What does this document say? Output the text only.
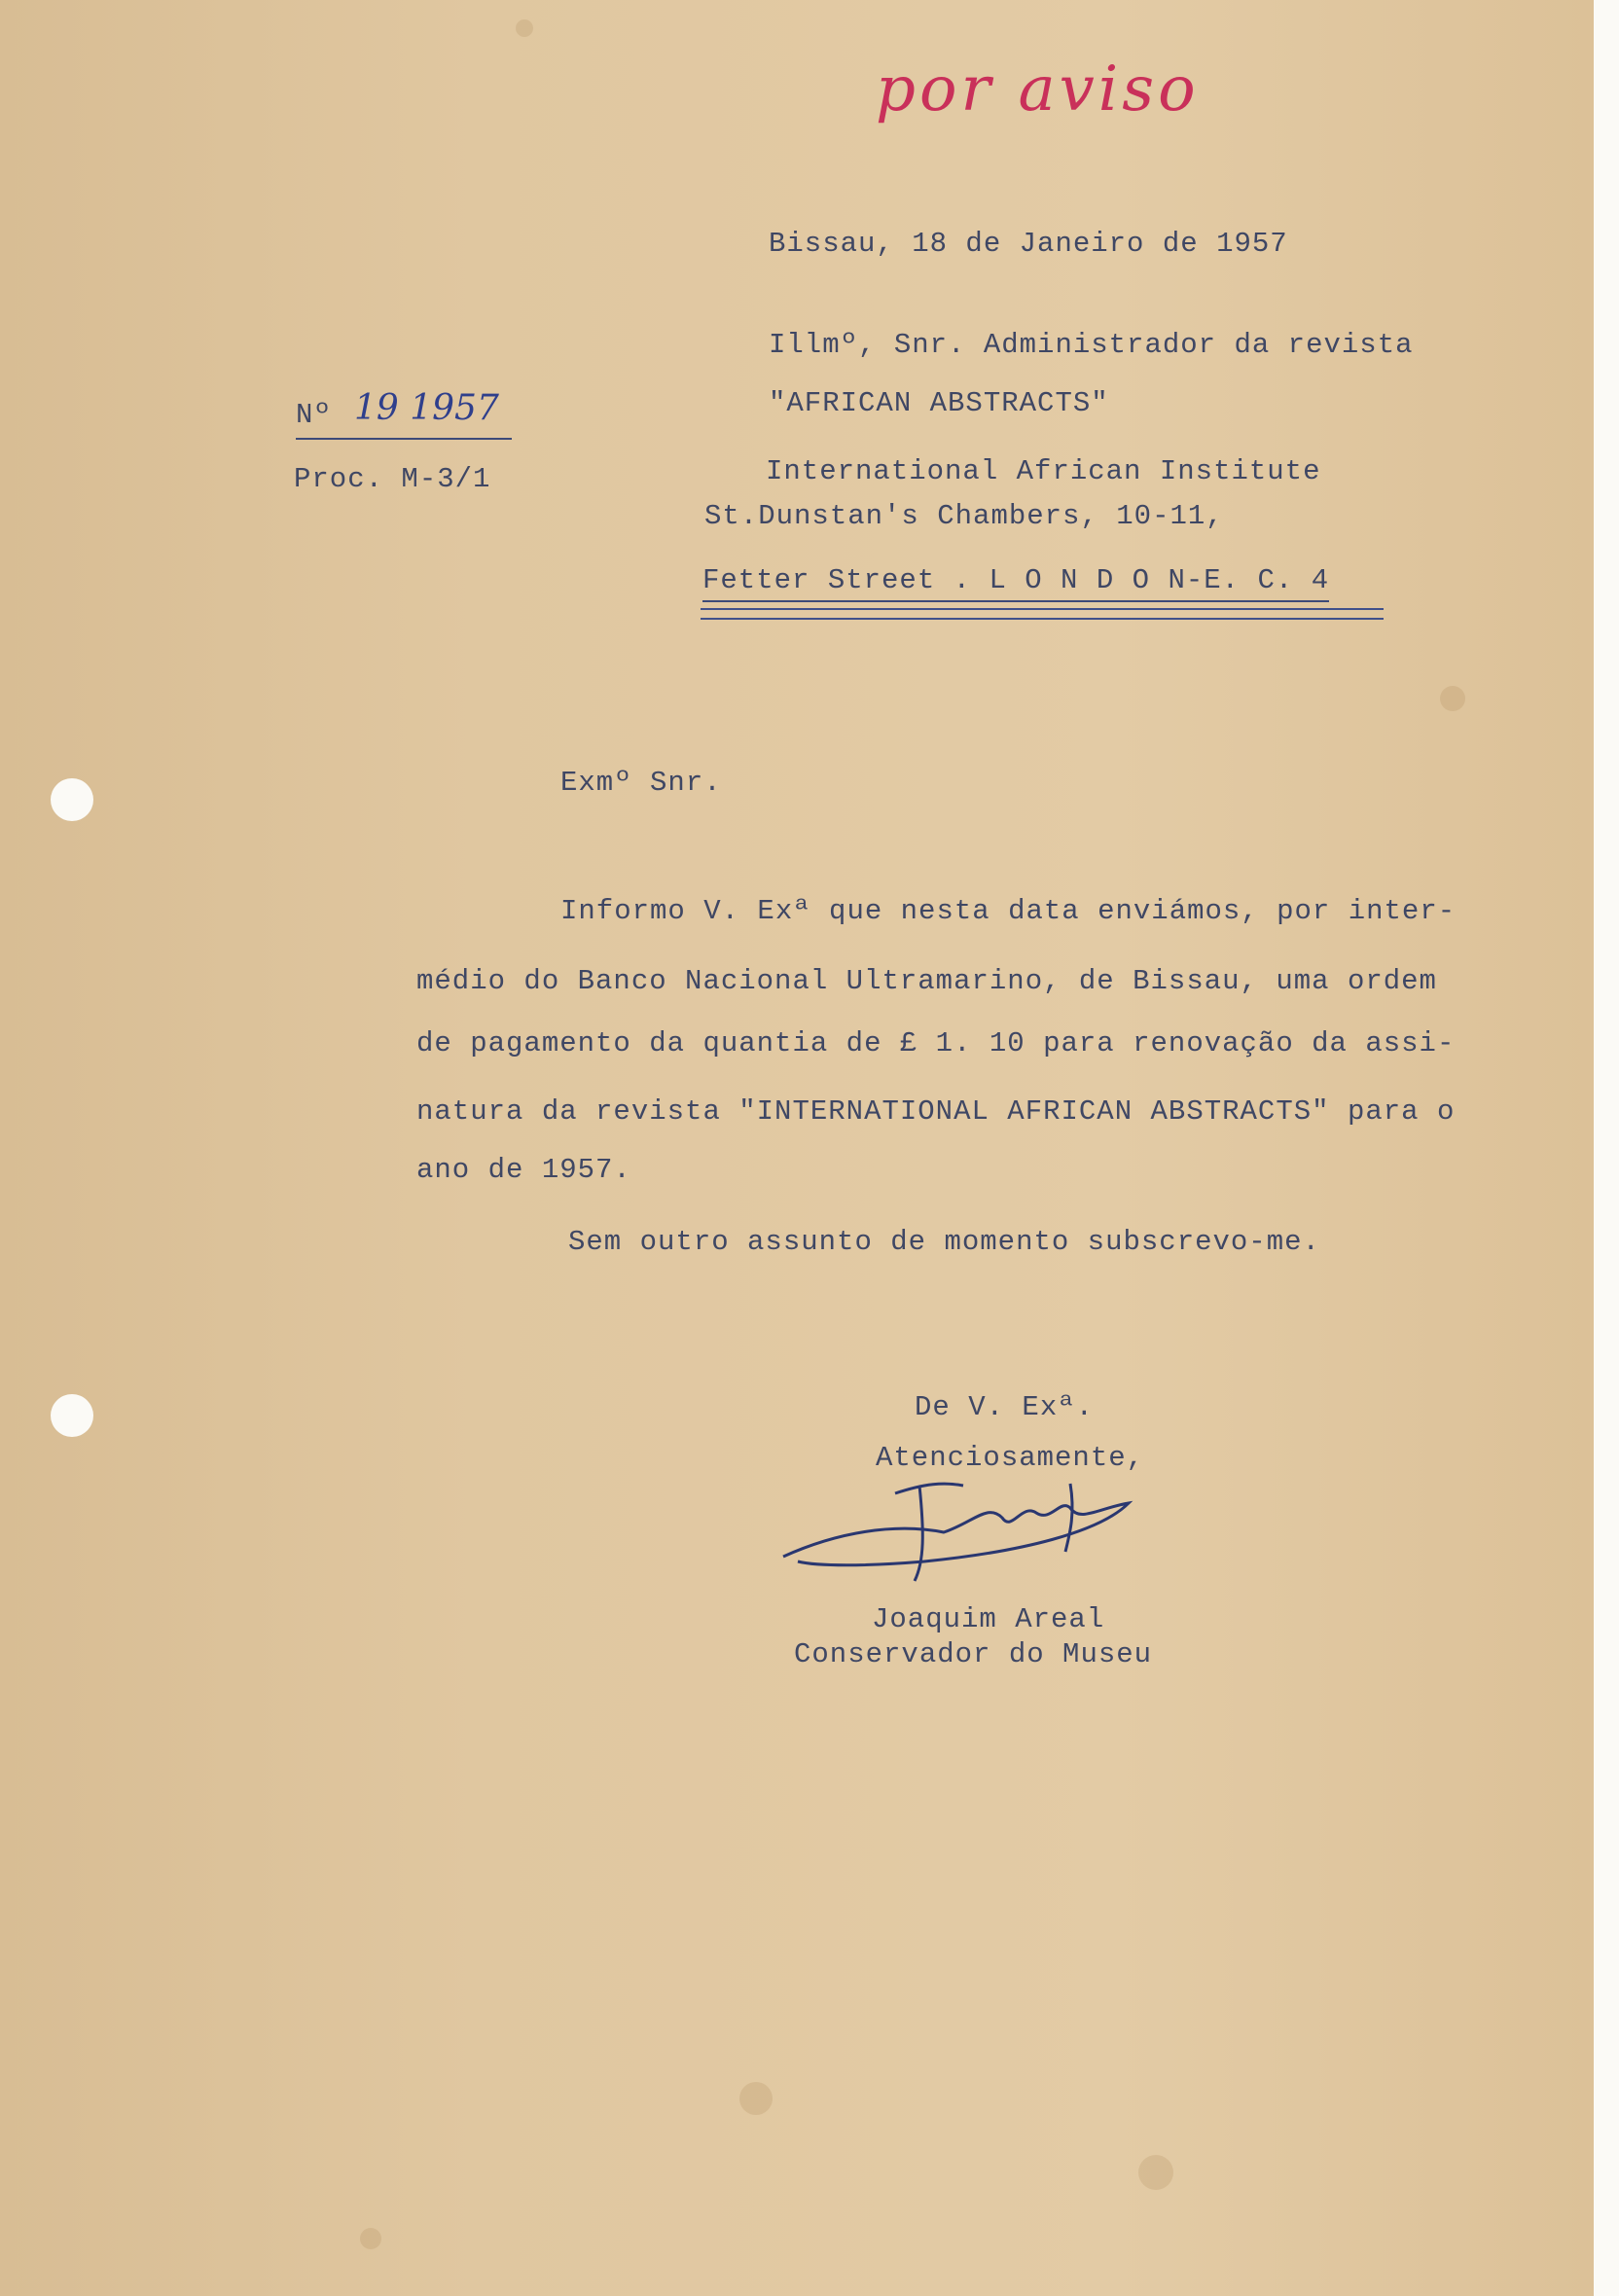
por aviso
Bissau, 18 de Janeiro de 1957
Illmº, Snr. Administrador da revista
"AFRICAN ABSTRACTS"
International African Institute
St.Dunstan's Chambers, 10-11,
Fetter Street . L O N D O N-E. C. 4
Nº 19 1957
Proc. M-3/1
Exmº Snr.
Informo V. Exª que nesta data enviámos, por inter-
médio do Banco Nacional Ultramarino, de Bissau, uma ordem
de pagamento da quantia de £ 1. 10 para renovação da assi-
natura da revista "INTERNATIONAL AFRICAN ABSTRACTS" para o
ano de 1957.
Sem outro assunto de momento subscrevo-me.
De V. Exª.
Atenciosamente,
Joaquim Areal
Conservador do Museu
